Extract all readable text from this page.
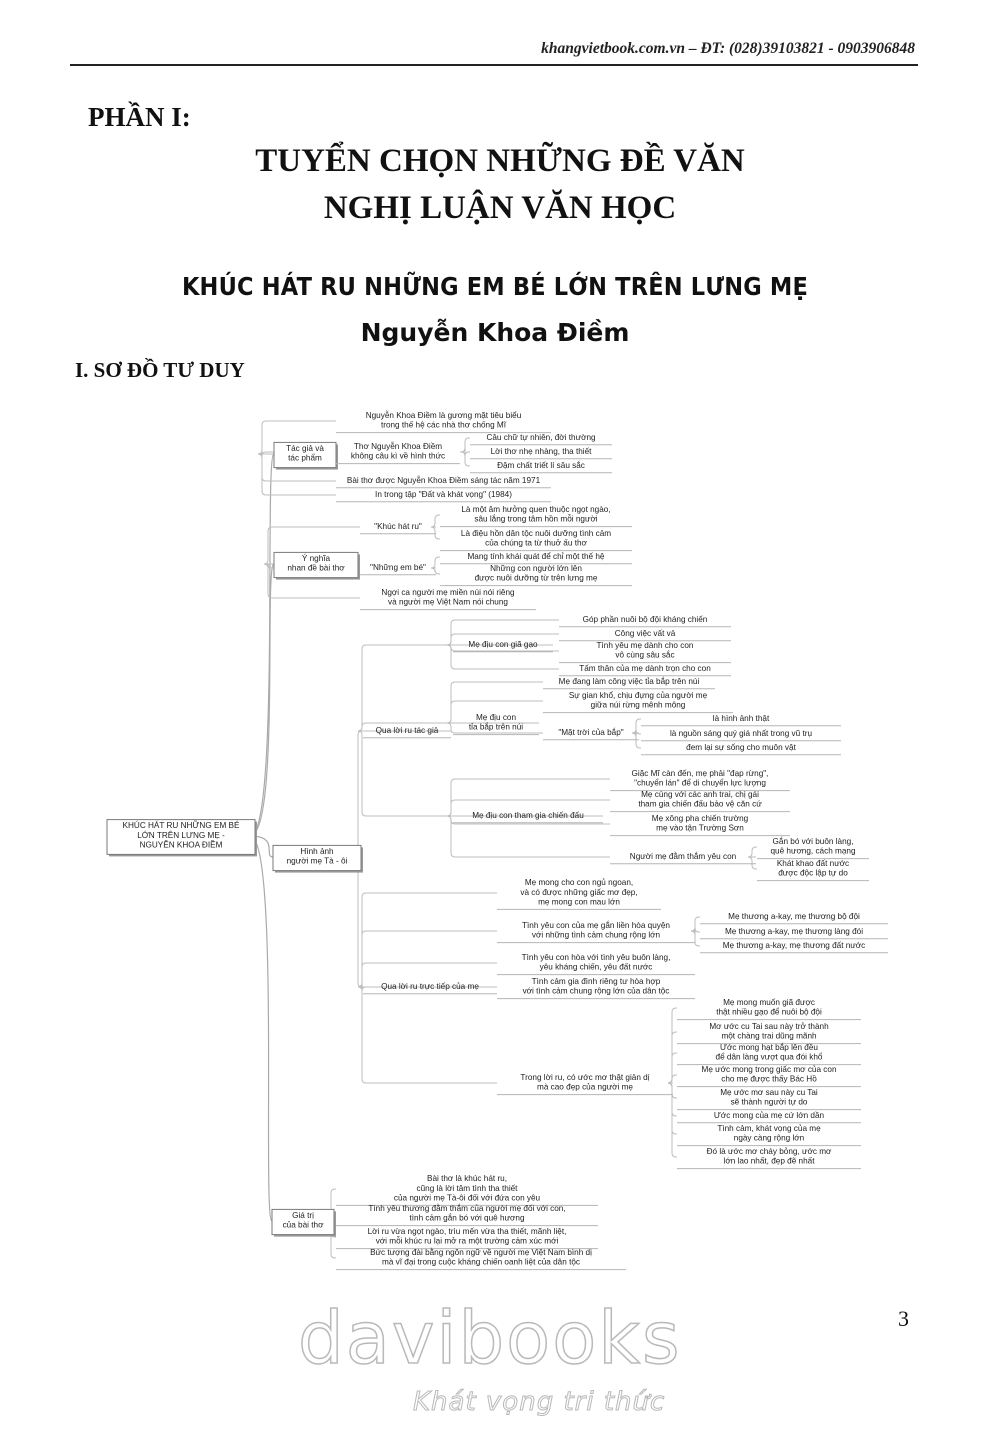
khangvietbook.com.vn – ĐT: (028)39103821 - 0903906848
PHẦN I:
TUYỂN CHỌN NHỮNG ĐỀ VĂN
NGHỊ LUẬN VĂN HỌC
KHÚC HÁT RU NHỮNG EM BÉ LỚN TRÊN LƯNG MẸ
Nguyễn Khoa Điềm
I. SƠ ĐỒ TƯ DUY
KHÚC HÁT RU NHỮNG EM BÉ LỚN TRÊN LƯNG MẸ -NGUYỄN KHOA ĐIỀM
Tác giả và tác phẩm
Nguyễn Khoa Điềm là gương mặt tiêu biểu trong thế hệ các nhà thơ chống Mĩ
Thơ Nguyễn Khoa Điềm không câu kì về hình thức
Câu chữ tự nhiên, đời thường
Lời thơ nhẹ nhàng, tha thiết
Đậm chất triết lí sâu sắc
Bài thơ được Nguyễn Khoa Điềm sáng tác năm 1971
In trong tập "Đất và khát vọng" (1984)
Ý nghĩa nhan đề bài thơ
"Khúc hát ru"
Là một âm hưởng quen thuộc ngọt ngào, sâu lắng trong tâm hồn mỗi người
Là điệu hồn dân tộc nuôi dưỡng tình cảm của chúng ta từ thuở ấu thơ
"Những em bé"
Mang tính khái quát để chỉ một thế hệ
Những con người lớn lên được nuôi dưỡng từ trên lưng mẹ
Ngợi ca người mẹ miền núi nói riêng và người mẹ Việt Nam nói chung
Hình ảnh người mẹ Tà - ôi
Qua lời ru tác giả
Mẹ địu con giã gạo
Góp phần nuôi bộ đội kháng chiến
Công việc vất vả
Tình yêu mẹ dành cho con vô cùng sâu sắc
Tấm thân của mẹ dành trọn cho con
Mẹ địu con tỉa bắp trên núi
Mẹ đang làm công việc tỉa bắp trên núi
Sự gian khổ, chịu đựng của người mẹ giữa núi rừng mênh mông
"Mặt trời của bắp"
là hình ảnh thật
là nguồn sáng quý giá nhất trong vũ trụ
đem lại sự sống cho muôn vật
Mẹ địu con tham gia chiến đấu
Giặc Mĩ càn đến, mẹ phải "đạp rừng", "chuyển lán" để di chuyển lực lượng
Mẹ cùng với các anh trai, chị gái tham gia chiến đấu bảo vệ căn cứ
Mẹ xông pha chiến trường mẹ vào tận Trường Sơn
Người mẹ đằm thắm yêu con
Gắn bó với buôn làng, quê hương, cách mạng
Khát khao đất nước được độc lập tự do
Qua lời ru trực tiếp của mẹ
Mẹ mong cho con ngủ ngoan, và có được những giấc mơ đẹp, mẹ mong con mau lớn
Tình yêu con của mẹ gắn liền hòa quyện với những tình cảm chung rộng lớn
Mẹ thương a-kay, mẹ thương bộ đội
Mẹ thương a-kay, mẹ thương làng đói
Mẹ thương a-kay, mẹ thương đất nước
Tình yêu con hòa với tình yêu buôn làng, yêu kháng chiến, yêu đất nước
Tình cảm gia đình riêng tư hòa hợp với tình cảm chung rộng lớn của dân tộc
Trong lời ru, có ước mơ thật giản dị mà cao đẹp của người mẹ
Mẹ mong muốn giã được thật nhiều gạo để nuôi bộ đội
Mơ ước cu Tai sau này trở thành một chàng trai dũng mãnh
Ước mong hạt bắp lên đều để dân làng vượt qua đói khổ
Mẹ ước mong trong giấc mơ của con cho mẹ được thấy Bác Hồ
Mẹ ước mơ sau này cu Tai sẽ thành người tự do
Ước mong của mẹ cứ lớn dần
Tình cảm, khát vọng của mẹ ngày càng rộng lớn
Đó là ước mơ cháy bỏng, ước mơ lớn lao nhất, đẹp đẽ nhất
Giá trị của bài thơ
Bài thơ là khúc hát ru, cũng là lời tâm tình tha thiết của người mẹ Tà-ôi đối với đứa con yêu
Tình yêu thương đằm thắm của người mẹ đối với con, tình cảm gắn bó với quê hương
Lời ru vừa ngọt ngào, trìu mến vừa tha thiết, mãnh liệt, với mỗi khúc ru lại mở ra một trường cảm xúc mới
Bức tượng đài bằng ngôn ngữ về người mẹ Việt Nam bình dị mà vĩ đại trong cuộc kháng chiến oanh liệt của dân tộc
3
davibooks
Khát vọng tri thức
